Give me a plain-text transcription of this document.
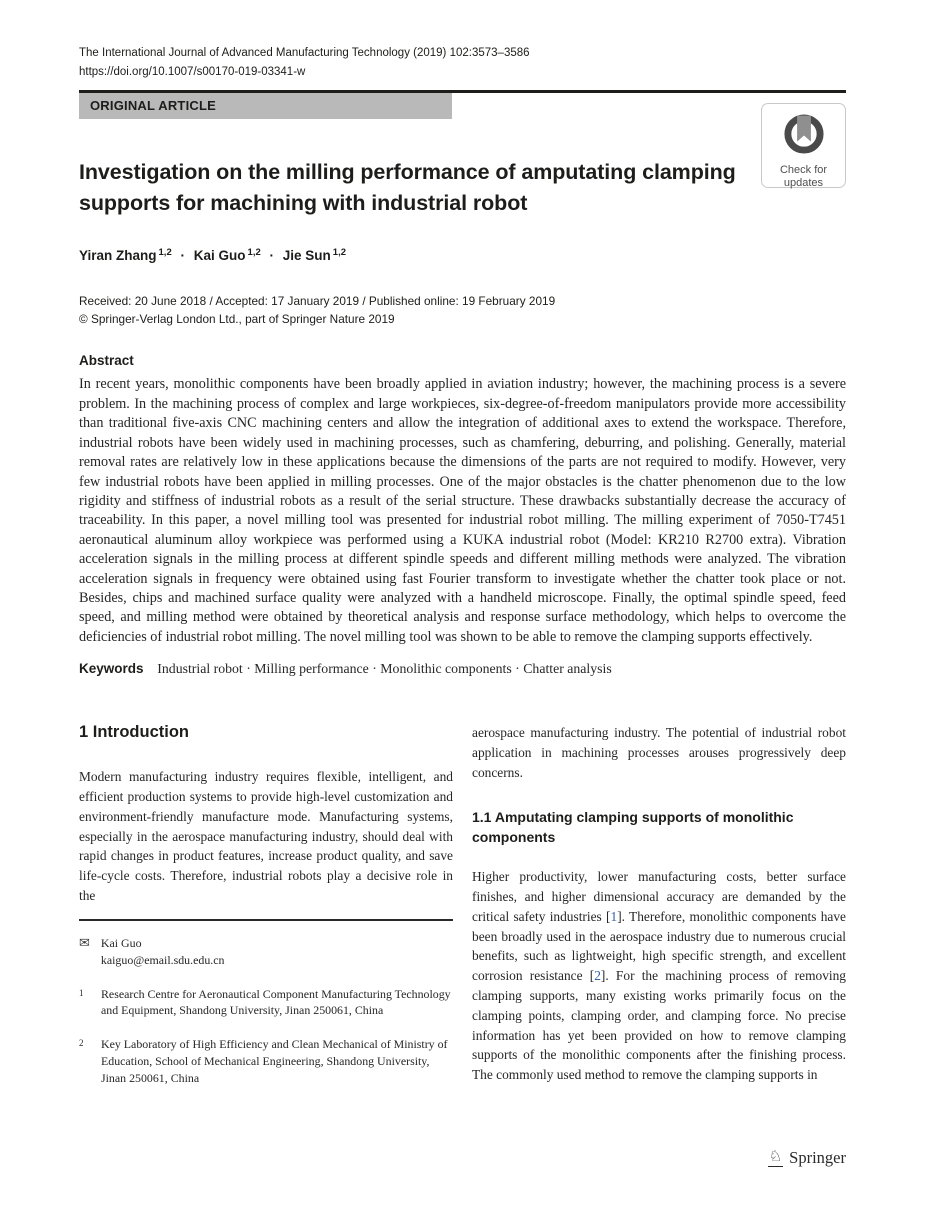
The International Journal of Advanced Manufacturing Technology (2019) 102:3573–3586
https://doi.org/10.1007/s00170-019-03341-w
ORIGINAL ARTICLE
Check for
updates
Investigation on the milling performance of amputating clamping supports for machining with industrial robot
Yiran Zhang $^{1,2}$ · Kai Guo $^{1,2}$ · Jie Sun $^{1,2}$
Received: 20 June 2018 / Accepted: 17 January 2019 / Published online: 19 February 2019
© Springer-Verlag London Ltd., part of Springer Nature 2019
Abstract
In recent years, monolithic components have been broadly applied in aviation industry; however, the machining process is a severe problem. In the machining process of complex and large workpieces, six-degree-of-freedom manipulators provide more accessibility than traditional five-axis CNC machining centers and allow the integration of additional axes to extend the workspace. Therefore, industrial robots have been widely used in machining processes, such as chamfering, deburring, and polishing. Generally, material removal rates are relatively low in these applications because the dimensions of the parts are not required to modify. However, very few industrial robots have been applied in milling processes. One of the major obstacles is the chatter phenomenon due to the low rigidity and stiffness of industrial robots as a result of the serial structure. These drawbacks substantially decrease the accuracy of traceability. In this paper, a novel milling tool was presented for industrial robot milling. The milling experiment of 7050-T7451 aeronautical aluminum alloy workpiece was performed using a KUKA industrial robot (Model: KR210 R2700 extra). Vibration acceleration signals in the milling process at different spindle speeds and different milling methods were analyzed. The vibration acceleration signals in frequency were obtained using fast Fourier transform to investigate whether the chatter took place or not. Besides, chips and machined surface quality were analyzed with a handheld microscope. Finally, the optimal spindle speed, feed speed, and milling method were obtained by theoretical analysis and response surface methodology, which helps to overcome the deficiencies of industrial robot milling. The novel milling tool was shown to be able to remove the clamping supports effectively.
Keywords Industrial robot · Milling performance · Monolithic components · Chatter analysis
1 Introduction

Modern manufacturing industry requires flexible, intelligent, and efficient production systems to provide high-level customization and environment-friendly manufacture mode. Manufacturing systems, especially in the aerospace manufacturing industry, should deal with rapid changes in product features, increase product quality, and save life-cycle costs. Therefore, industrial robots play a decisive role in the

✉ Kai Guo
kaiguo@email.sdu.edu.cn
1	Research Centre for Aeronautical Component Manufacturing Technology and Equipment, Shandong University, Jinan 250061, China
2	Key Laboratory of High Efficiency and Clean Mechanical of Ministry of Education, School of Mechanical Engineering, Shandong University, Jinan 250061, China

aerospace manufacturing industry. The potential of industrial robot application in machining processes arouses progressively deep concerns.

1.1 Amputating clamping supports of monolithic components

Higher productivity, lower manufacturing costs, better surface finishes, and higher dimensional accuracy are demanded by the critical safety industries [1]. Therefore, monolithic components have been broadly used in the aerospace industry due to numerous crucial benefits, such as lightweight, high specific strength, and excellent corrosion resistance [2]. For the machining process of removing clamping supports, many existing works primarily focus on the clamping points, clamping order, and clamping force. No precise information has yet been provided on how to remove clamping supports of the monolithic components after the finishing process. The commonly used method to remove the clamping supports in

♘ Springer
